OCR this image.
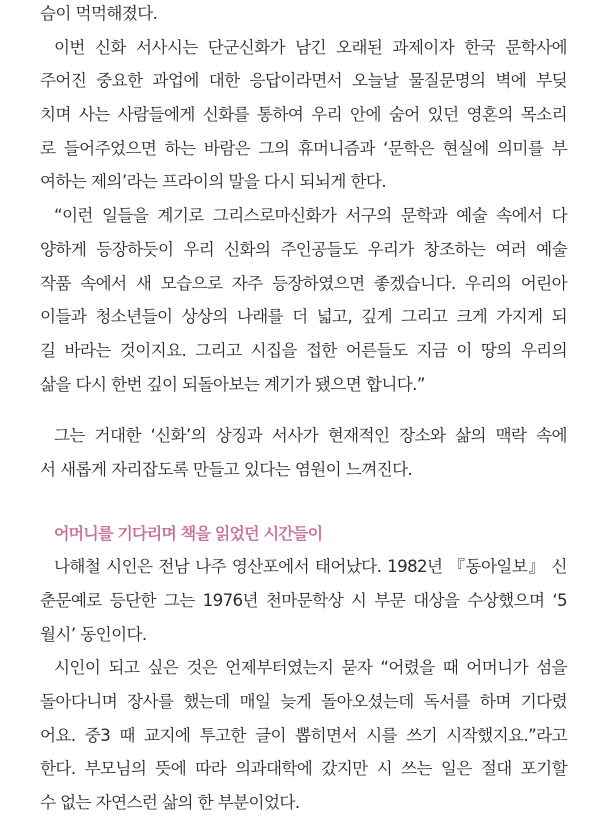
슴이 먹먹해졌다.
이번 신화 서사시는 단군신화가 남긴 오래된 과제이자 한국 문학사에
주어진 중요한 과업에 대한 응답이라면서 오늘날 물질문명의 벽에 부딪
치며 사는 사람들에게 신화를 통하여 우리 안에 숨어 있던 영혼의 목소리
로 들어주었으면 하는 바람은 그의 휴머니즘과 ‘문학은 현실에 의미를 부
여하는 제의’라는 프라이의 말을 다시 되뇌게 한다.
“이런 일들을 계기로 그리스로마신화가 서구의 문학과 예술 속에서 다
양하게 등장하듯이 우리 신화의 주인공들도 우리가 창조하는 여러 예술
작품 속에서 새 모습으로 자주 등장하였으면 좋겠습니다. 우리의 어린아
이들과 청소년들이 상상의 나래를 더 넓고, 깊게 그리고 크게 가지게 되
길 바라는 것이지요. 그리고 시집을 접한 어른들도 지금 이 땅의 우리의
삶을 다시 한번 깊이 되돌아보는 계기가 됐으면 합니다.”
그는 거대한 ‘신화’의 상징과 서사가 현재적인 장소와 삶의 맥락 속에
서 새롭게 자리잡도록 만들고 있다는 염원이 느껴진다.
어머니를 기다리며 책을 읽었던 시간들이
나해철 시인은 전남 나주 영산포에서 태어났다. 1982년 『동아일보』 신
춘문예로 등단한 그는 1976년 천마문학상 시 부문 대상을 수상했으며 ‘5
월시’ 동인이다.
시인이 되고 싶은 것은 언제부터였는지 묻자 “어렸을 때 어머니가 섬을
돌아다니며 장사를 했는데 매일 늦게 돌아오셨는데 독서를 하며 기다렸
어요. 중3 때 교지에 투고한 글이 뽑히면서 시를 쓰기 시작했지요.”라고
한다. 부모님의 뜻에 따라 의과대학에 갔지만 시 쓰는 일은 절대 포기할
수 없는 자연스런 삶의 한 부분이었다.
